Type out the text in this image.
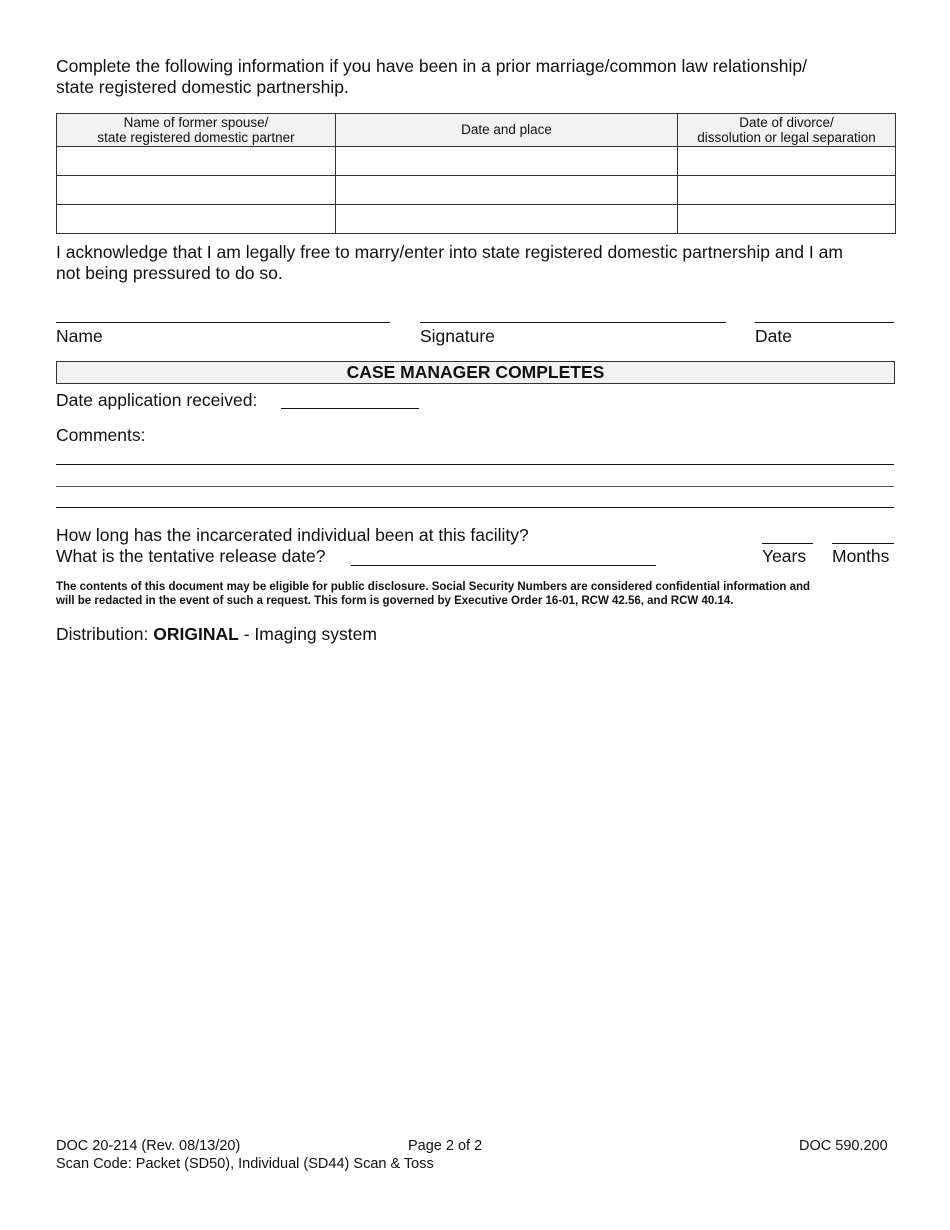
Complete the following information if you have been in a prior marriage/common law relationship/
state registered domestic partnership.
Name of former spouse/
state registered domestic partner	Date and place	Date of divorce/
dissolution or legal separation

I acknowledge that I am legally free to marry/enter into state registered domestic partnership and I am
not being pressured to do so.
Name	Signature	Date
CASE MANAGER COMPLETES
Date application received:
Comments:
How long has the incarcerated individual been at this facility?
What is the tentative release date?	Years Months
The contents of this document may be eligible for public disclosure. Social Security Numbers are considered confidential information and
will be redacted in the event of such a request. This form is governed by Executive Order 16-01, RCW 42.56, and RCW 40.14.
Distribution: ORIGINAL - Imaging system
DOC 20-214 (Rev. 08/13/20)	Page 2 of 2	DOC 590.200
Scan Code: Packet (SD50), Individual (SD44) Scan & Toss
